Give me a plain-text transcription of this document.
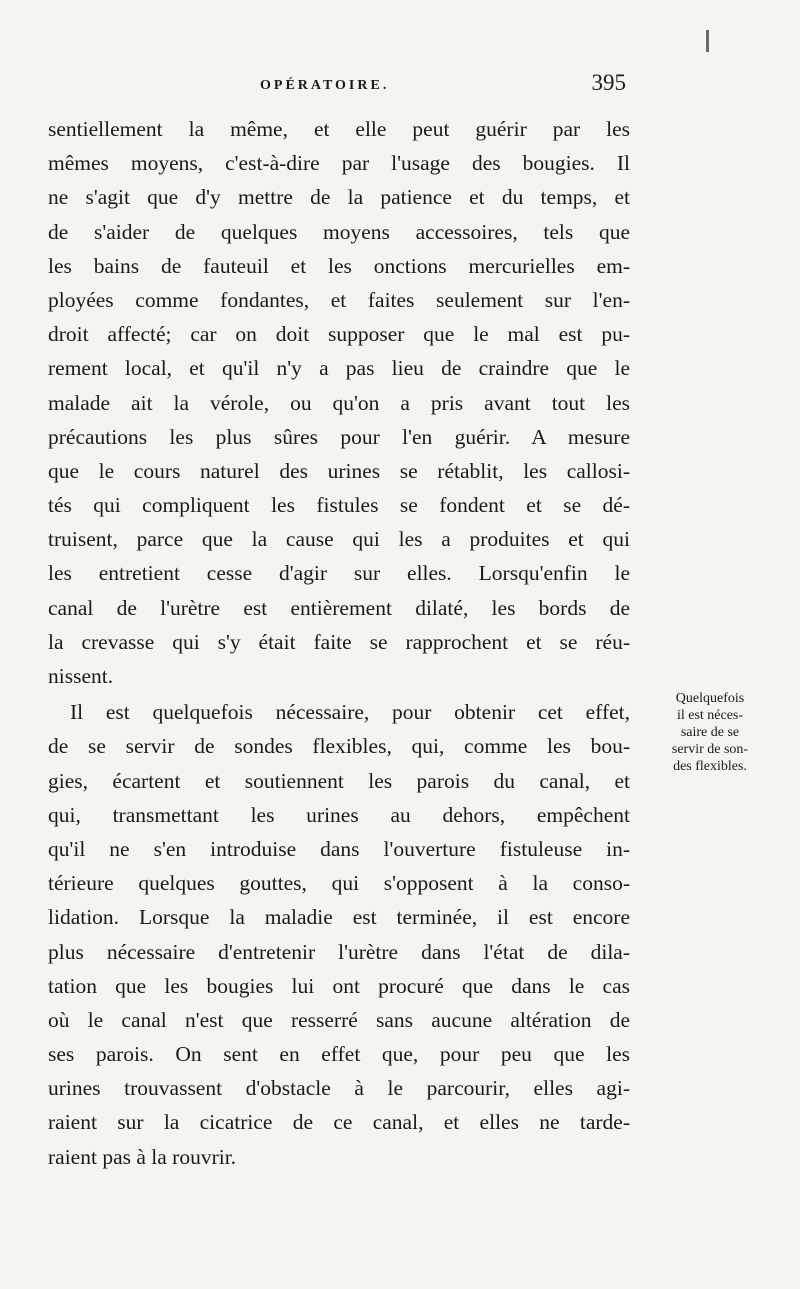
OPÉRATOIRE.	395
sentiellement la même, et elle peut guérir par les
mêmes moyens, c'est-à-dire par l'usage des bougies. Il
ne s'agit que d'y mettre de la patience et du temps, et
de s'aider de quelques moyens accessoires, tels que
les bains de fauteuil et les onctions mercurielles em-
ployées comme fondantes, et faites seulement sur l'en-
droit affecté; car on doit supposer que le mal est pu-
rement local, et qu'il n'y a pas lieu de craindre que le
malade ait la vérole, ou qu'on a pris avant tout les
précautions les plus sûres pour l'en guérir. A mesure
que le cours naturel des urines se rétablit, les callosi-
tés qui compliquent les fistules se fondent et se dé-
truisent, parce que la cause qui les a produites et qui
les entretient cesse d'agir sur elles. Lorsqu'enfin le
canal de l'urètre est entièrement dilaté, les bords de
la crevasse qui s'y était faite se rapprochent et se réu-
nissent.
Il est quelquefois nécessaire, pour obtenir cet effet,
de se servir de sondes flexibles, qui, comme les bou-
gies, écartent et soutiennent les parois du canal, et
qui, transmettant les urines au dehors, empêchent
qu'il ne s'en introduise dans l'ouverture fistuleuse in-
térieure quelques gouttes, qui s'opposent à la conso-
lidation. Lorsque la maladie est terminée, il est encore
plus nécessaire d'entretenir l'urètre dans l'état de dila-
tation que les bougies lui ont procuré que dans le cas
où le canal n'est que resserré sans aucune altération de
ses parois. On sent en effet que, pour peu que les
urines trouvassent d'obstacle à le parcourir, elles agi-
raient sur la cicatrice de ce canal, et elles ne tarde-
raient pas à la rouvrir.
Quelquefois
il est néces-
saire de se
servir de son-
des flexibles.
